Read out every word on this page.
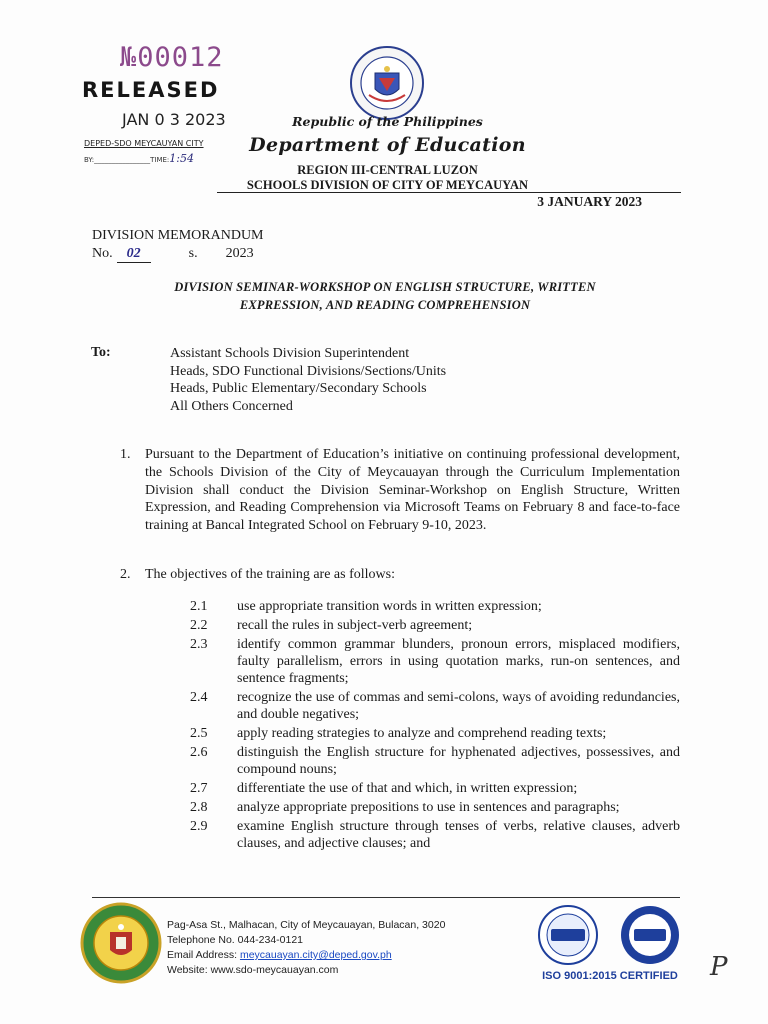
№00012
RELEASED
JAN 0 3 2023
DEPED-SDO MEYCAUYAN CITY
BY:________________TIME:1:54
Republic of the Philippines
Department of Education
REGION III-CENTRAL LUZON
SCHOOLS DIVISION OF CITY OF MEYCAUYAN
3 JANUARY 2023
DIVISION MEMORANDUM
No. 02	s. 2023
DIVISION SEMINAR-WORKSHOP ON ENGLISH STRUCTURE, WRITTEN
EXPRESSION, AND READING COMPREHENSION
To:	Assistant Schools Division Superintendent
Heads, SDO Functional Divisions/Sections/Units
Heads, Public Elementary/Secondary Schools
All Others Concerned
1. Pursuant to the Department of Education’s initiative on continuing professional development, the Schools Division of the City of Meycauayan through the Curriculum Implementation Division shall conduct the Division Seminar-Workshop on English Structure, Written Expression, and Reading Comprehension via Microsoft Teams on February 8 and face-to-face training at Bancal Integrated School on February 9-10, 2023.
2. The objectives of the training are as follows:
2.1 use appropriate transition words in written expression;
2.2 recall the rules in subject-verb agreement;
2.3 identify common grammar blunders, pronoun errors, misplaced modifiers, faulty parallelism, errors in using quotation marks, run-on sentences, and sentence fragments;
2.4 recognize the use of commas and semi-colons, ways of avoiding redundancies, and double negatives;
2.5 apply reading strategies to analyze and comprehend reading texts;
2.6 distinguish the English structure for hyphenated adjectives, possessives, and compound nouns;
2.7 differentiate the use of that and which, in written expression;
2.8 analyze appropriate prepositions to use in sentences and paragraphs;
2.9 examine English structure through tenses of verbs, relative clauses, adverb clauses, and adjective clauses; and
Pag-Asa St., Malhacan, City of Meycauayan, Bulacan, 3020
Telephone No. 044-234-0121
Email Address: meycauayan.city@deped.gov.ph
Website: www.sdo-meycauayan.com	ISO 9001:2015 CERTIFIED	P
